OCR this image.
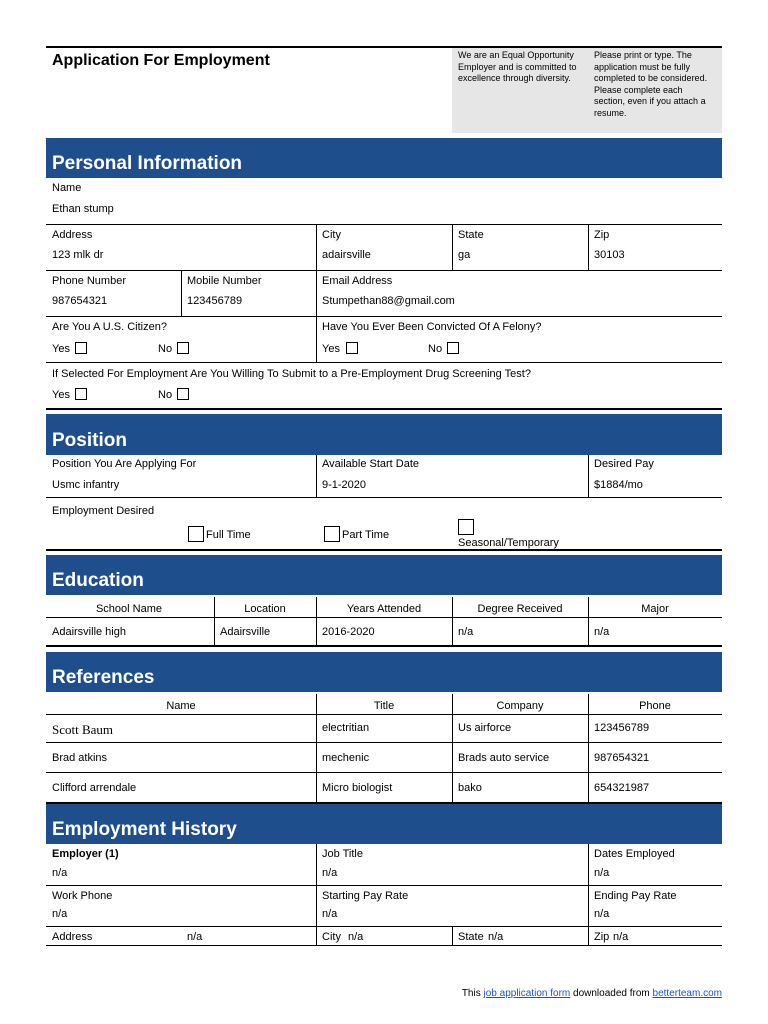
Application For Employment	We are an Equal Opportunity Employer and is committed to excellence through diversity.
Please print or type. The application must be fully completed to be considered. Please complete each section, even if you attach a resume.
Personal Information
Name
Ethan stump
Address
123 mlk dr
City
adairsville
State
ga
Zip
30103
Phone Number
987654321
Mobile Number
123456789
Email Address
Stumpethan88@gmail.com
Are You A U.S. Citizen?
Yes	No
Have You Ever Been Convicted Of A Felony?
Yes	No
If Selected For Employment Are You Willing To Submit to a Pre-Employment Drug Screening Test?
Yes	No
Position
Position You Are Applying For
Usmc infantry
Available Start Date
9-1-2020
Desired Pay
$1884/mo
Employment Desired
Full Time	Part Time
Seasonal/Temporary
Education
School Name	Location	Years Attended	Degree Received	Major
Adairsville high	Adairsville	2016-2020	n/a	n/a
References
Name	Title	Company	Phone
Scott Baum	electritian	Us airforce	123456789
Brad atkins	mechenic	Brads auto service	987654321
Clifford arrendale	Micro biologist	bako	654321987
Employment History
Employer (1)
n/a
Job Title
n/a
Dates Employed
n/a
Work Phone
n/a
Starting Pay Rate
n/a
Ending Pay Rate
n/a
Address	n/a	City n/a	State n/a	Zip n/a
This job application form downloaded from betterteam.com
